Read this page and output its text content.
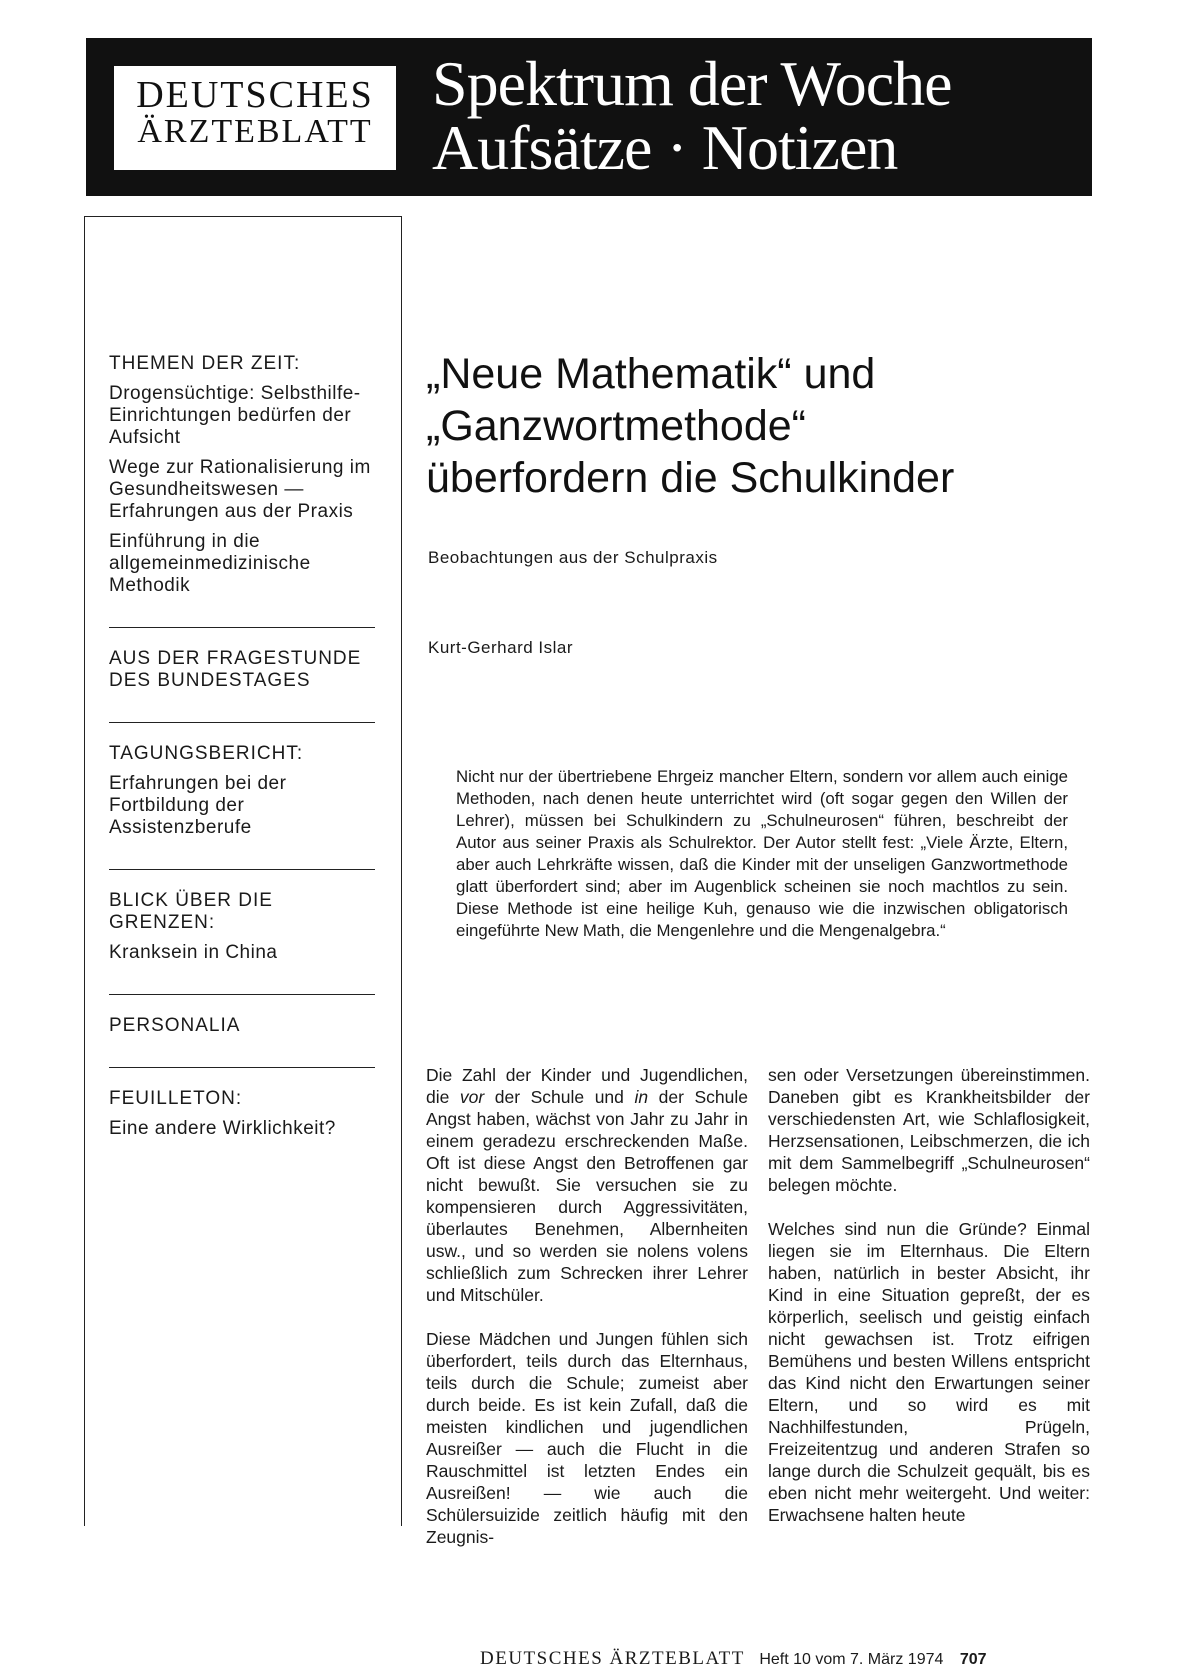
DEUTSCHES
ÄRZTEBLATT
Spektrum der Woche
Aufsätze · Notizen
THEMEN DER ZEIT:
Drogensüchtige: Selbsthilfe-Einrichtungen bedürfen der Aufsicht
Wege zur Rationalisierung im Gesundheitswesen — Erfahrungen aus der Praxis
Einführung in die allgemeinmedizinische Methodik
AUS DER FRAGESTUNDE DES BUNDESTAGES
TAGUNGSBERICHT:
Erfahrungen bei der Fortbildung der Assistenzberufe
BLICK ÜBER DIE GRENZEN:
Kranksein in China
PERSONALIA
FEUILLETON:
Eine andere Wirklichkeit?
„Neue Mathematik“ und
„Ganzwortmethode“
überfordern die Schulkinder
Beobachtungen aus der Schulpraxis
Kurt-Gerhard Islar
Nicht nur der übertriebene Ehrgeiz mancher Eltern, sondern vor allem auch einige Methoden, nach denen heute unterrichtet wird (oft sogar gegen den Willen der Lehrer), müssen bei Schulkindern zu „Schulneurosen“ führen, beschreibt der Autor aus seiner Praxis als Schulrektor. Der Autor stellt fest: „Viele Ärzte, Eltern, aber auch Lehrkräfte wissen, daß die Kinder mit der unseligen Ganzwortmethode glatt überfordert sind; aber im Augenblick scheinen sie noch machtlos zu sein. Diese Methode ist eine heilige Kuh, genauso wie die inzwischen obligatorisch eingeführte New Math, die Mengenlehre und die Mengenalgebra.“

Die Zahl der Kinder und Jugendlichen, die vor der Schule und in der Schule Angst haben, wächst von Jahr zu Jahr in einem geradezu erschreckenden Maße. Oft ist diese Angst den Betroffenen gar nicht bewußt. Sie versuchen sie zu kompensieren durch Aggressivitäten, überlautes Benehmen, Albernheiten usw., und so werden sie nolens volens schließlich zum Schrecken ihrer Lehrer und Mitschüler.

Diese Mädchen und Jungen fühlen sich überfordert, teils durch das Elternhaus, teils durch die Schule; zumeist aber durch beide. Es ist kein Zufall, daß die meisten kindlichen und jugendlichen Ausreißer — auch die Flucht in die Rauschmittel ist letzten Endes ein Ausreißen! — wie auch die Schülersuizide zeitlich häufig mit den Zeugnis-

sen oder Versetzungen übereinstimmen. Daneben gibt es Krankheitsbilder der verschiedensten Art, wie Schlaflosigkeit, Herzsensationen, Leibschmerzen, die ich mit dem Sammelbegriff „Schulneurosen“ belegen möchte.

Welches sind nun die Gründe? Einmal liegen sie im Elternhaus. Die Eltern haben, natürlich in bester Absicht, ihr Kind in eine Situation gepreßt, der es körperlich, seelisch und geistig einfach nicht gewachsen ist. Trotz eifrigen Bemühens und besten Willens entspricht das Kind nicht den Erwartungen seiner Eltern, und so wird es mit Nachhilfestunden, Prügeln, Freizeitentzug und anderen Strafen so lange durch die Schulzeit gequält, bis es eben nicht mehr weitergeht. Und weiter: Erwachsene halten heute

DEUTSCHES ÄRZTEBLATT Heft 10 vom 7. März 1974 707
